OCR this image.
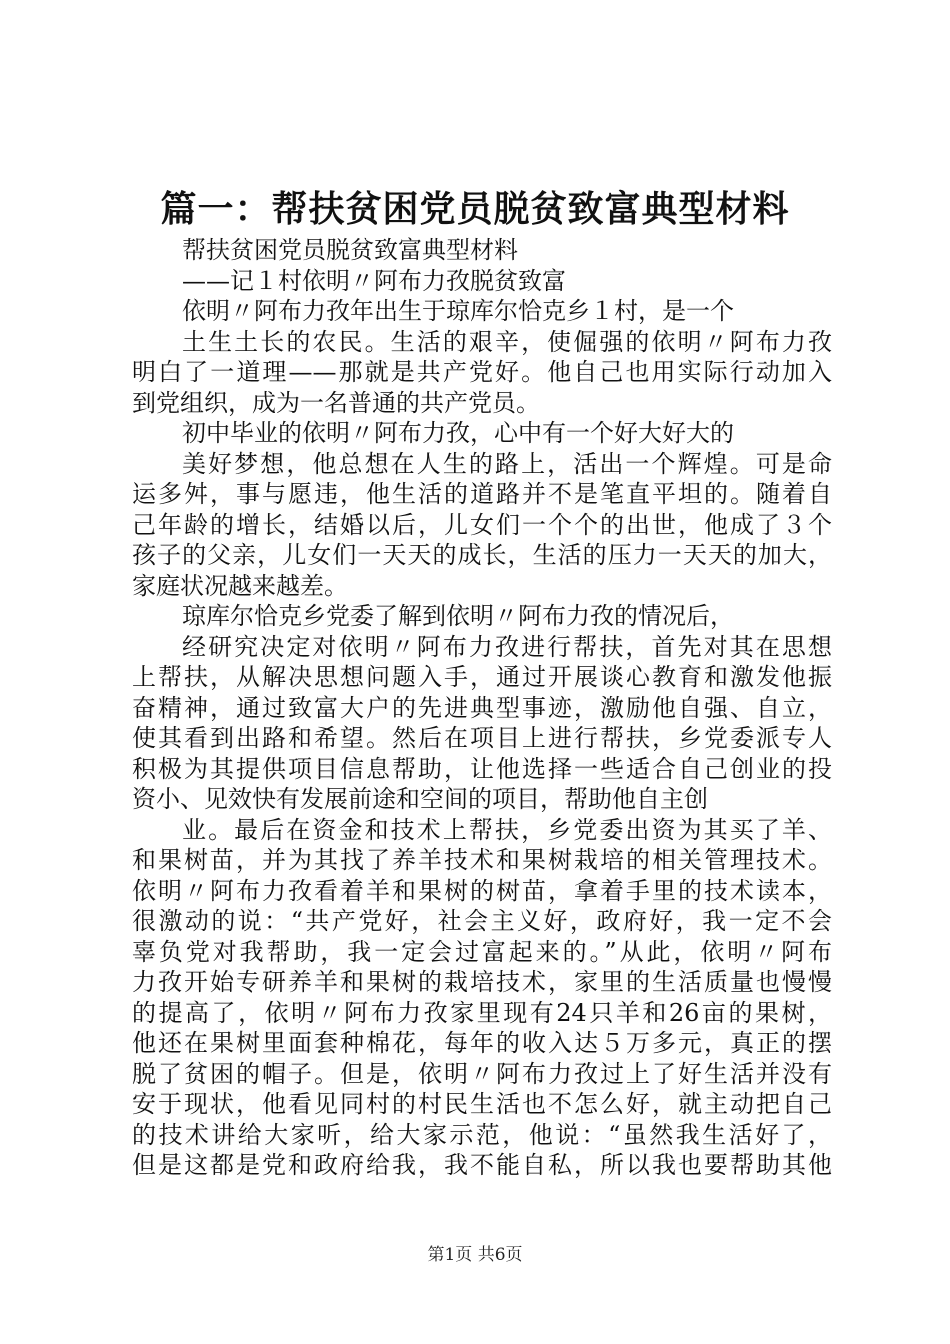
篇一：帮扶贫困党员脱贫致富典型材料
帮扶贫困党员脱贫致富典型材料
——记１村依明〃阿布力孜脱贫致富
依明〃阿布力孜年出生于琼库尔恰克乡１村，是一个
土生土长的农民。生活的艰辛，使倔强的依明〃阿布力孜
明白了一道理——那就是共产党好。他自己也用实际行动加入
到党组织，成为一名普通的共产党员。
初中毕业的依明〃阿布力孜，心中有一个好大好大的
美好梦想，他总想在人生的路上，活出一个辉煌。可是命
运多舛，事与愿违，他生活的道路并不是笔直平坦的。随着自
己年龄的增长，结婚以后，儿女们一个个的出世，他成了３个
孩子的父亲，儿女们一天天的成长，生活的压力一天天的加大，
家庭状况越来越差。
琼库尔恰克乡党委了解到依明〃阿布力孜的情况后，
经研究决定对依明〃阿布力孜进行帮扶，首先对其在思想
上帮扶，从解决思想问题入手，通过开展谈心教育和激发他振
奋精神，通过致富大户的先进典型事迹，激励他自强、自立，
使其看到出路和希望。然后在项目上进行帮扶，乡党委派专人
积极为其提供项目信息帮助，让他选择一些适合自己创业的投
资小、见效快有发展前途和空间的项目，帮助他自主创
业。最后在资金和技术上帮扶，乡党委出资为其买了羊、
和果树苗，并为其找了养羊技术和果树栽培的相关管理技术。
依明〃阿布力孜看着羊和果树的树苗，拿着手里的技术读本，
很激动的说：“共产党好，社会主义好，政府好，我一定不会
辜负党对我帮助，我一定会过富起来的。”从此，依明〃阿布
力孜开始专研养羊和果树的栽培技术，家里的生活质量也慢慢
的提高了，依明〃阿布力孜家里现有24只羊和26亩的果树，
他还在果树里面套种棉花，每年的收入达５万多元，真正的摆
脱了贫困的帽子。但是，依明〃阿布力孜过上了好生活并没有
安于现状，他看见同村的村民生活也不怎么好，就主动把自己
的技术讲给大家听，给大家示范，他说：“虽然我生活好了，
但是这都是党和政府给我，我不能自私，所以我也要帮助其他
第1页 共6页
